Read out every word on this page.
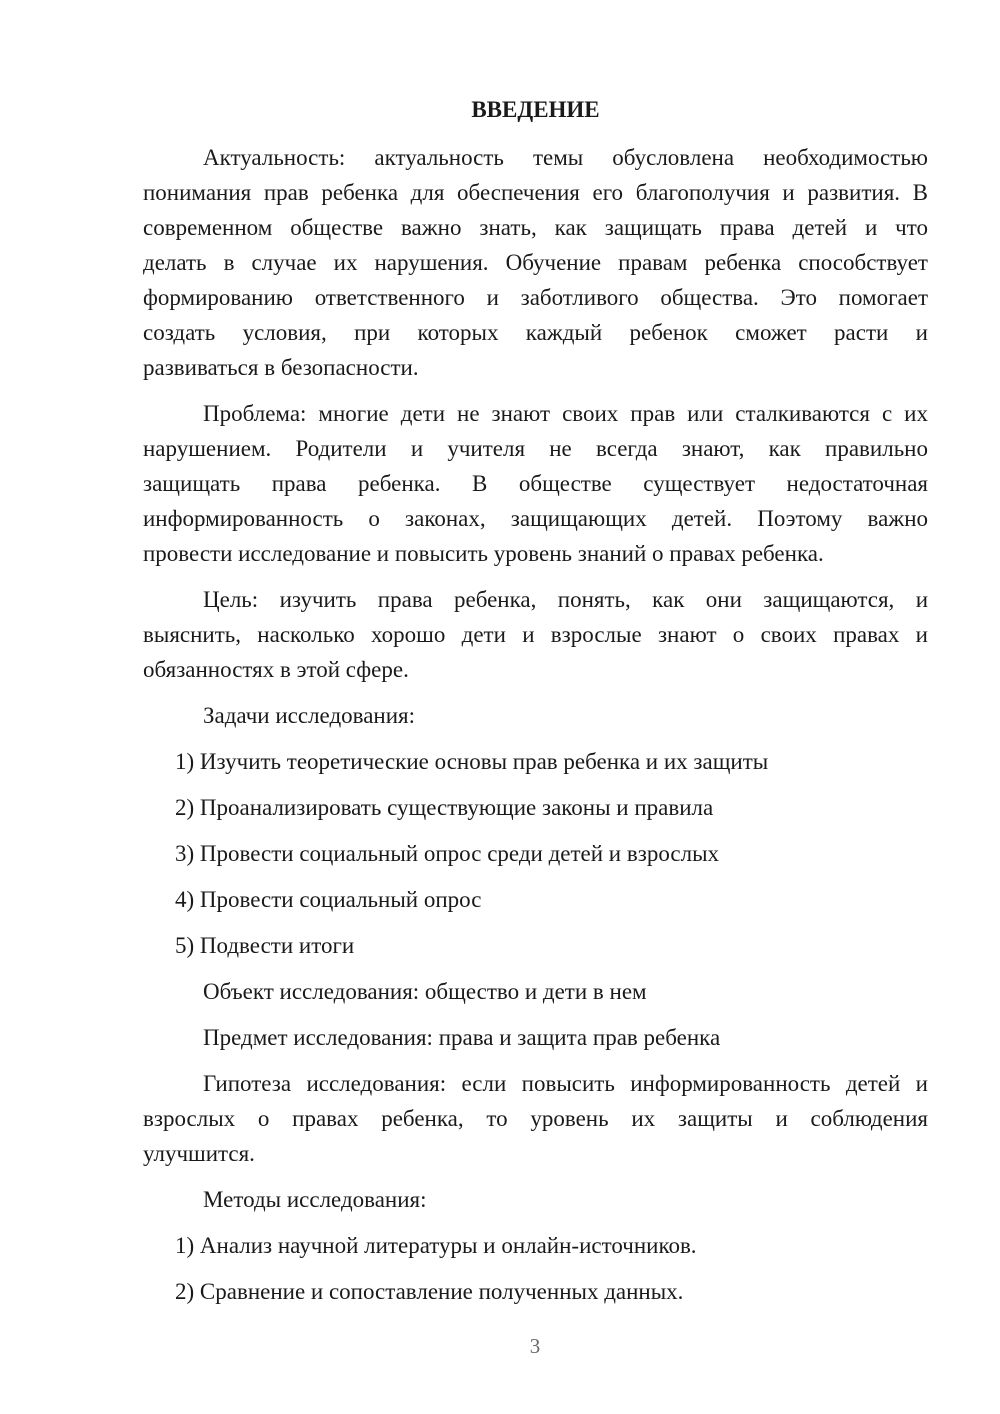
ВВЕДЕНИЕ
Актуальность: актуальность темы обусловлена необходимостью
понимания прав ребенка для обеспечения его благополучия и развития. В
современном обществе важно знать, как защищать права детей и что
делать в случае их нарушения. Обучение правам ребенка способствует
формированию ответственного и заботливого общества. Это помогает
создать условия, при которых каждый ребенок сможет расти и
развиваться в безопасности.
Проблема: многие дети не знают своих прав или сталкиваются с их
нарушением. Родители и учителя не всегда знают, как правильно
защищать права ребенка. В обществе существует недостаточная
информированность о законах, защищающих детей. Поэтому важно
провести исследование и повысить уровень знаний о правах ребенка.
Цель: изучить права ребенка, понять, как они защищаются, и
выяснить, насколько хорошо дети и взрослые знают о своих правах и
обязанностях в этой сфере.
Задачи исследования:
1) Изучить теоретические основы прав ребенка и их защиты
2) Проанализировать существующие законы и правила
3) Провести социальный опрос среди детей и взрослых
4) Провести социальный опрос
5) Подвести итоги
Объект исследования: общество и дети в нем
Предмет исследования: права и защита прав ребенка
Гипотеза исследования: если повысить информированность детей и
взрослых о правах ребенка, то уровень их защиты и соблюдения
улучшится.
Методы исследования:
1) Анализ научной литературы и онлайн-источников.
2) Сравнение и сопоставление полученных данных.
3
